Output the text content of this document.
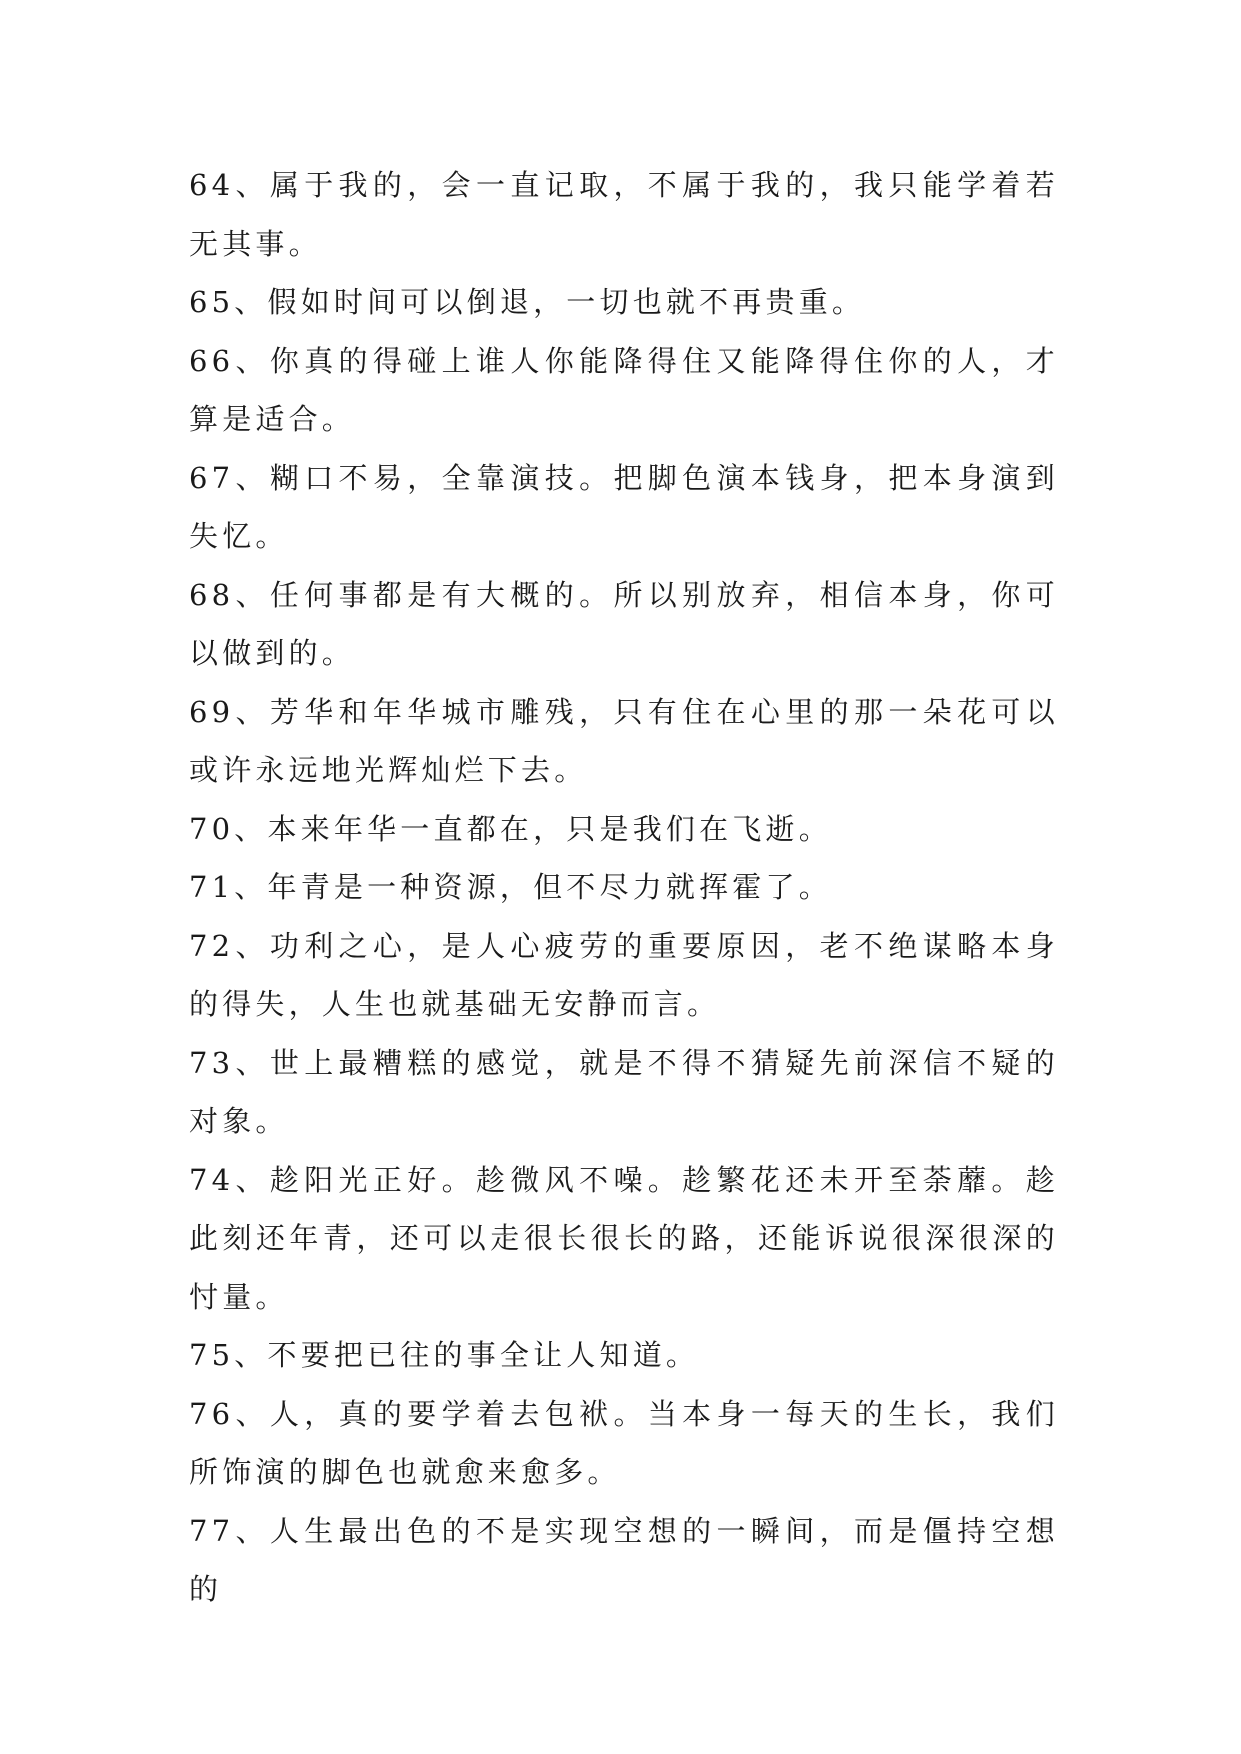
64、属于我的，会一直记取，不属于我的，我只能学着若无其事。

65、假如时间可以倒退，一切也就不再贵重。

66、你真的得碰上谁人你能降得住又能降得住你的人，才算是适合。

67、糊口不易，全靠演技。把脚色演本钱身，把本身演到失忆。

68、任何事都是有大概的。所以别放弃，相信本身，你可以做到的。

69、芳华和年华城市雕残，只有住在心里的那一朵花可以或许永远地光辉灿烂下去。

70、本来年华一直都在，只是我们在飞逝。

71、年青是一种资源，但不尽力就挥霍了。

72、功利之心，是人心疲劳的重要原因，老不绝谋略本身的得失，人生也就基础无安静而言。

73、世上最糟糕的感觉，就是不得不猜疑先前深信不疑的对象。

74、趁阳光正好。趁微风不噪。趁繁花还未开至荼蘼。趁此刻还年青，还可以走很长很长的路，还能诉说很深很深的忖量。

75、不要把已往的事全让人知道。

76、人，真的要学着去包袱。当本身一每天的生长，我们所饰演的脚色也就愈来愈多。

77、人生最出色的不是实现空想的一瞬间，而是僵持空想的
